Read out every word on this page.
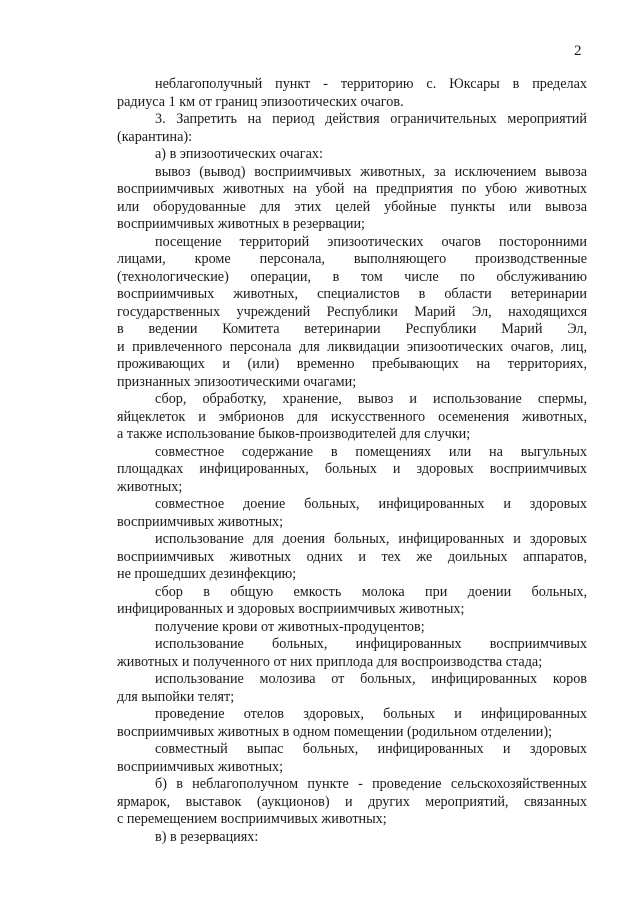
2
неблагополучный пункт - территорию с. Юксары в пределах
радиуса 1 км от границ эпизоотических очагов.
3. Запретить на период действия ограничительных мероприятий
(карантина):
а) в эпизоотических очагах:
вывоз (вывод) восприимчивых животных, за исключением вывоза
восприимчивых животных на убой на предприятия по убою животных
или оборудованные для этих целей убойные пункты или вывоза
восприимчивых животных в резервации;
посещение территорий эпизоотических очагов посторонними
лицами, кроме персонала, выполняющего производственные
(технологические) операции, в том числе по обслуживанию
восприимчивых животных, специалистов в области ветеринарии
государственных учреждений Республики Марий Эл, находящихся
в ведении Комитета ветеринарии Республики Марий Эл,
и привлеченного персонала для ликвидации эпизоотических очагов, лиц,
проживающих и (или) временно пребывающих на территориях,
признанных эпизоотическими очагами;
сбор, обработку, хранение, вывоз и использование спермы,
яйцеклеток и эмбрионов для искусственного осеменения животных,
а также использование быков-производителей для случки;
совместное содержание в помещениях или на выгульных
площадках инфицированных, больных и здоровых восприимчивых
животных;
совместное доение больных, инфицированных и здоровых
восприимчивых животных;
использование для доения больных, инфицированных и здоровых
восприимчивых животных одних и тех же доильных аппаратов,
не прошедших дезинфекцию;
сбор в общую емкость молока при доении больных,
инфицированных и здоровых восприимчивых животных;
получение крови от животных-продуцентов;
использование больных, инфицированных восприимчивых
животных и полученного от них приплода для воспроизводства стада;
использование молозива от больных, инфицированных коров
для выпойки телят;
проведение отелов здоровых, больных и инфицированных
восприимчивых животных в одном помещении (родильном отделении);
совместный выпас больных, инфицированных и здоровых
восприимчивых животных;
б) в неблагополучном пункте - проведение сельскохозяйственных
ярмарок, выставок (аукционов) и других мероприятий, связанных
с перемещением восприимчивых животных;
в) в резервациях:
